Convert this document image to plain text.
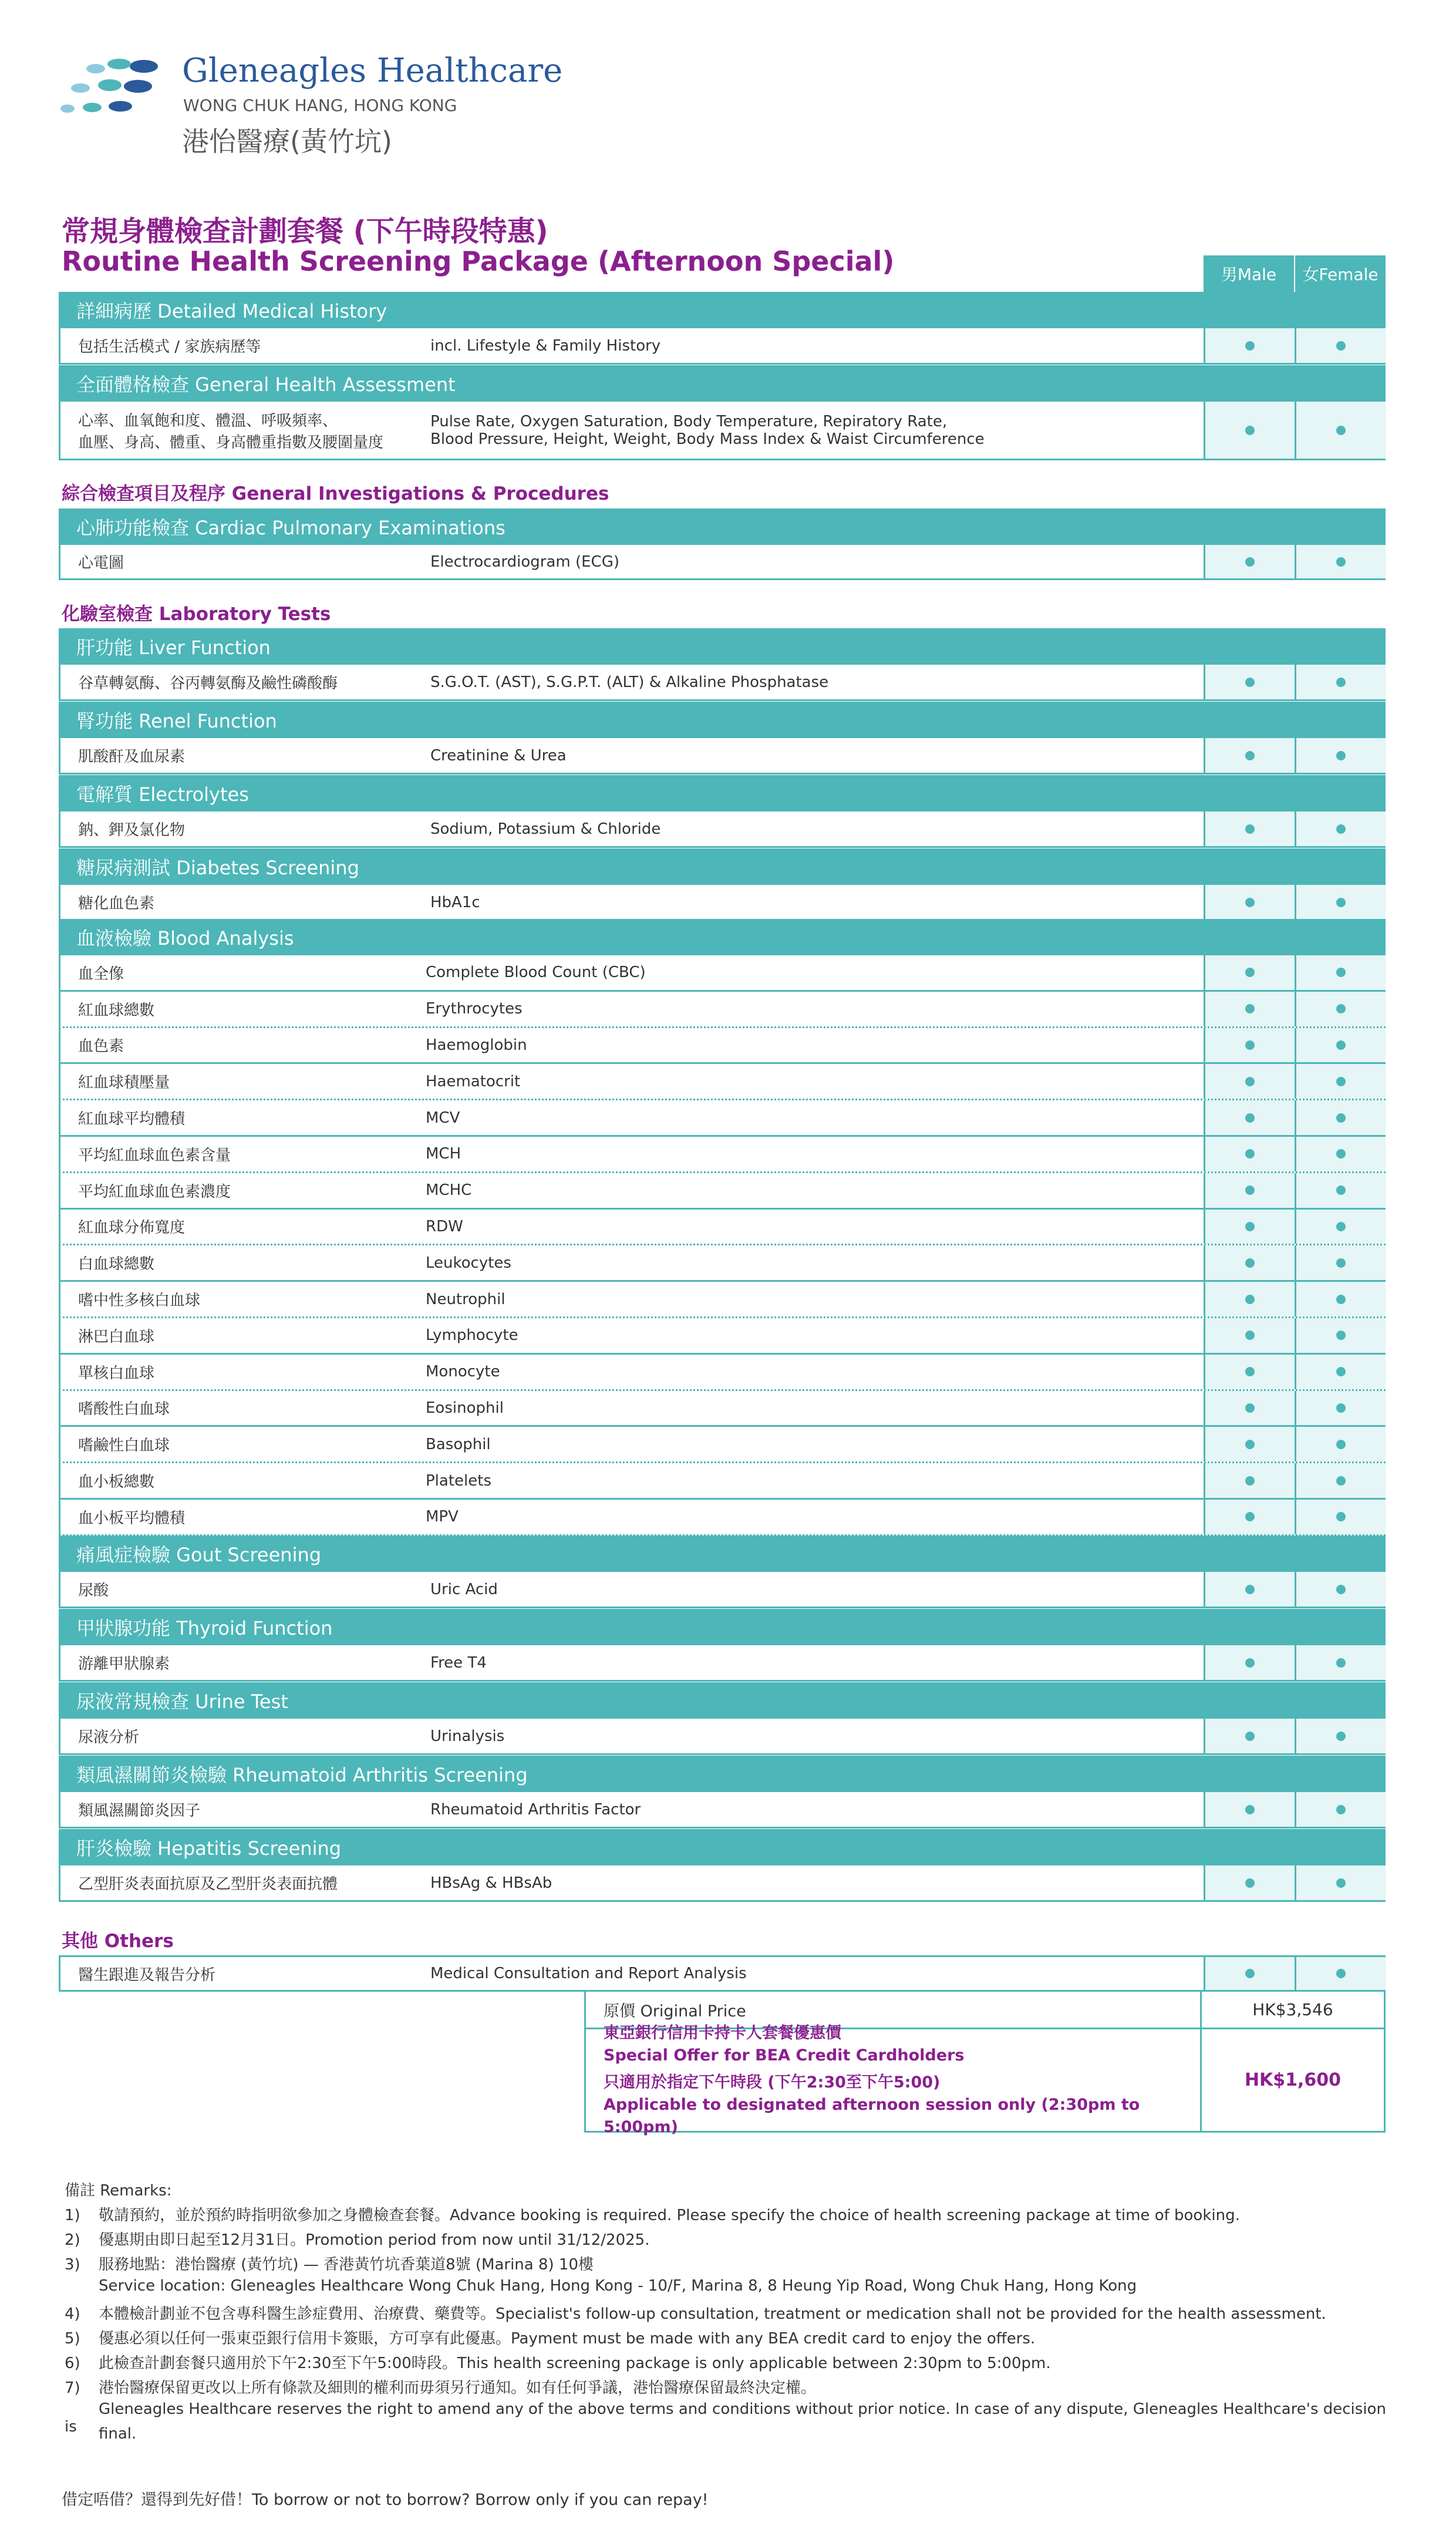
Gleneagles Healthcare
WONG CHUK HANG, HONG KONG
港怡醫療(黃竹坑)
常規身體檢查計劃套餐 (下午時段特惠)
Routine Health Screening Package (Afternoon Special)	男Male	女Female
詳細病歷 Detailed Medical History
包括生活模式 / 家族病歷等	incl. Lifestyle & Family History
全面體格檢查 General Health Assessment
心率、血氧飽和度、體溫、呼吸頻率、
血壓、身高、體重、身高體重指數及腰圍量度
Pulse Rate, Oxygen Saturation, Body Temperature, Repiratory Rate,
Blood Pressure, Height, Weight, Body Mass Index & Waist Circumference
綜合檢查項目及程序 General Investigations & Procedures
心肺功能檢查 Cardiac Pulmonary Examinations
心電圖	Electrocardiogram (ECG)
化驗室檢查 Laboratory Tests
肝功能 Liver Function
谷草轉氨酶、谷丙轉氨酶及鹼性磷酸酶	S.G.O.T. (AST), S.G.P.T. (ALT) & Alkaline Phosphatase
腎功能 Renel Function
肌酸酐及血尿素	Creatinine & Urea
電解質 Electrolytes
鈉、鉀及氯化物	Sodium, Potassium & Chloride
糖尿病測試 Diabetes Screening
糖化血色素	HbA1c
血液檢驗 Blood Analysis
血全像	Complete Blood Count (CBC)
紅血球總數	Erythrocytes
血色素	Haemoglobin
紅血球積壓量	Haematocrit
紅血球平均體積	MCV
平均紅血球血色素含量	MCH
平均紅血球血色素濃度	MCHC
紅血球分佈寬度	RDW
白血球總數	Leukocytes
嗜中性多核白血球	Neutrophil
淋巴白血球	Lymphocyte
單核白血球	Monocyte
嗜酸性白血球	Eosinophil
嗜鹼性白血球	Basophil
血小板總數	Platelets
血小板平均體積	MPV
痛風症檢驗 Gout Screening
尿酸	Uric Acid
甲狀腺功能 Thyroid Function
游離甲狀腺素	Free T4
尿液常規檢查 Urine Test
尿液分析	Urinalysis
類風濕關節炎檢驗 Rheumatoid Arthritis Screening
類風濕關節炎因子	Rheumatoid Arthritis Factor
肝炎檢驗 Hepatitis Screening
乙型肝炎表面抗原及乙型肝炎表面抗體	HBsAg & HBsAb
其他 Others
醫生跟進及報告分析	Medical Consultation and Report Analysis
原價 Original Price	HK$3,546
東亞銀行信用卡持卡人套餐優惠價
Special Offer for BEA Credit Cardholders
只適用於指定下午時段 (下午2:30至下午5:00)
Applicable to designated afternoon session only (2:30pm to 5:00pm)
HK$1,600
備註 Remarks:
1) 敬請預約，並於預約時指明欲參加之身體檢查套餐。Advance booking is required. Please specify the choice of health screening package at time of booking.
2) 優惠期由即日起至12月31日。Promotion period from now until 31/12/2025.
3) 服務地點：港怡醫療 (黃竹坑) — 香港黃竹坑香葉道8號 (Marina 8) 10樓
Service location: Gleneagles Healthcare Wong Chuk Hang, Hong Kong - 10/F, Marina 8, 8 Heung Yip Road, Wong Chuk Hang, Hong Kong
4) 本體檢計劃並不包含專科醫生診症費用、治療費、藥費等。Specialist's follow-up consultation, treatment or medication shall not be provided for the health assessment.
5) 優惠必須以任何一張東亞銀行信用卡簽賬，方可享有此優惠。Payment must be made with any BEA credit card to enjoy the offers.
6) 此檢查計劃套餐只適用於下午2:30至下午5:00時段。This health screening package is only applicable between 2:30pm to 5:00pm.
7) 港怡醫療保留更改以上所有條款及細則的權利而毋須另行通知。如有任何爭議，港怡醫療保留最終決定權。
Gleneagles Healthcare reserves the right to amend any of the above terms and conditions without prior notice. In case of any dispute, Gleneagles Healthcare's decision is	final.
借定唔借？還得到先好借！To borrow or not to borrow? Borrow only if you can repay!
